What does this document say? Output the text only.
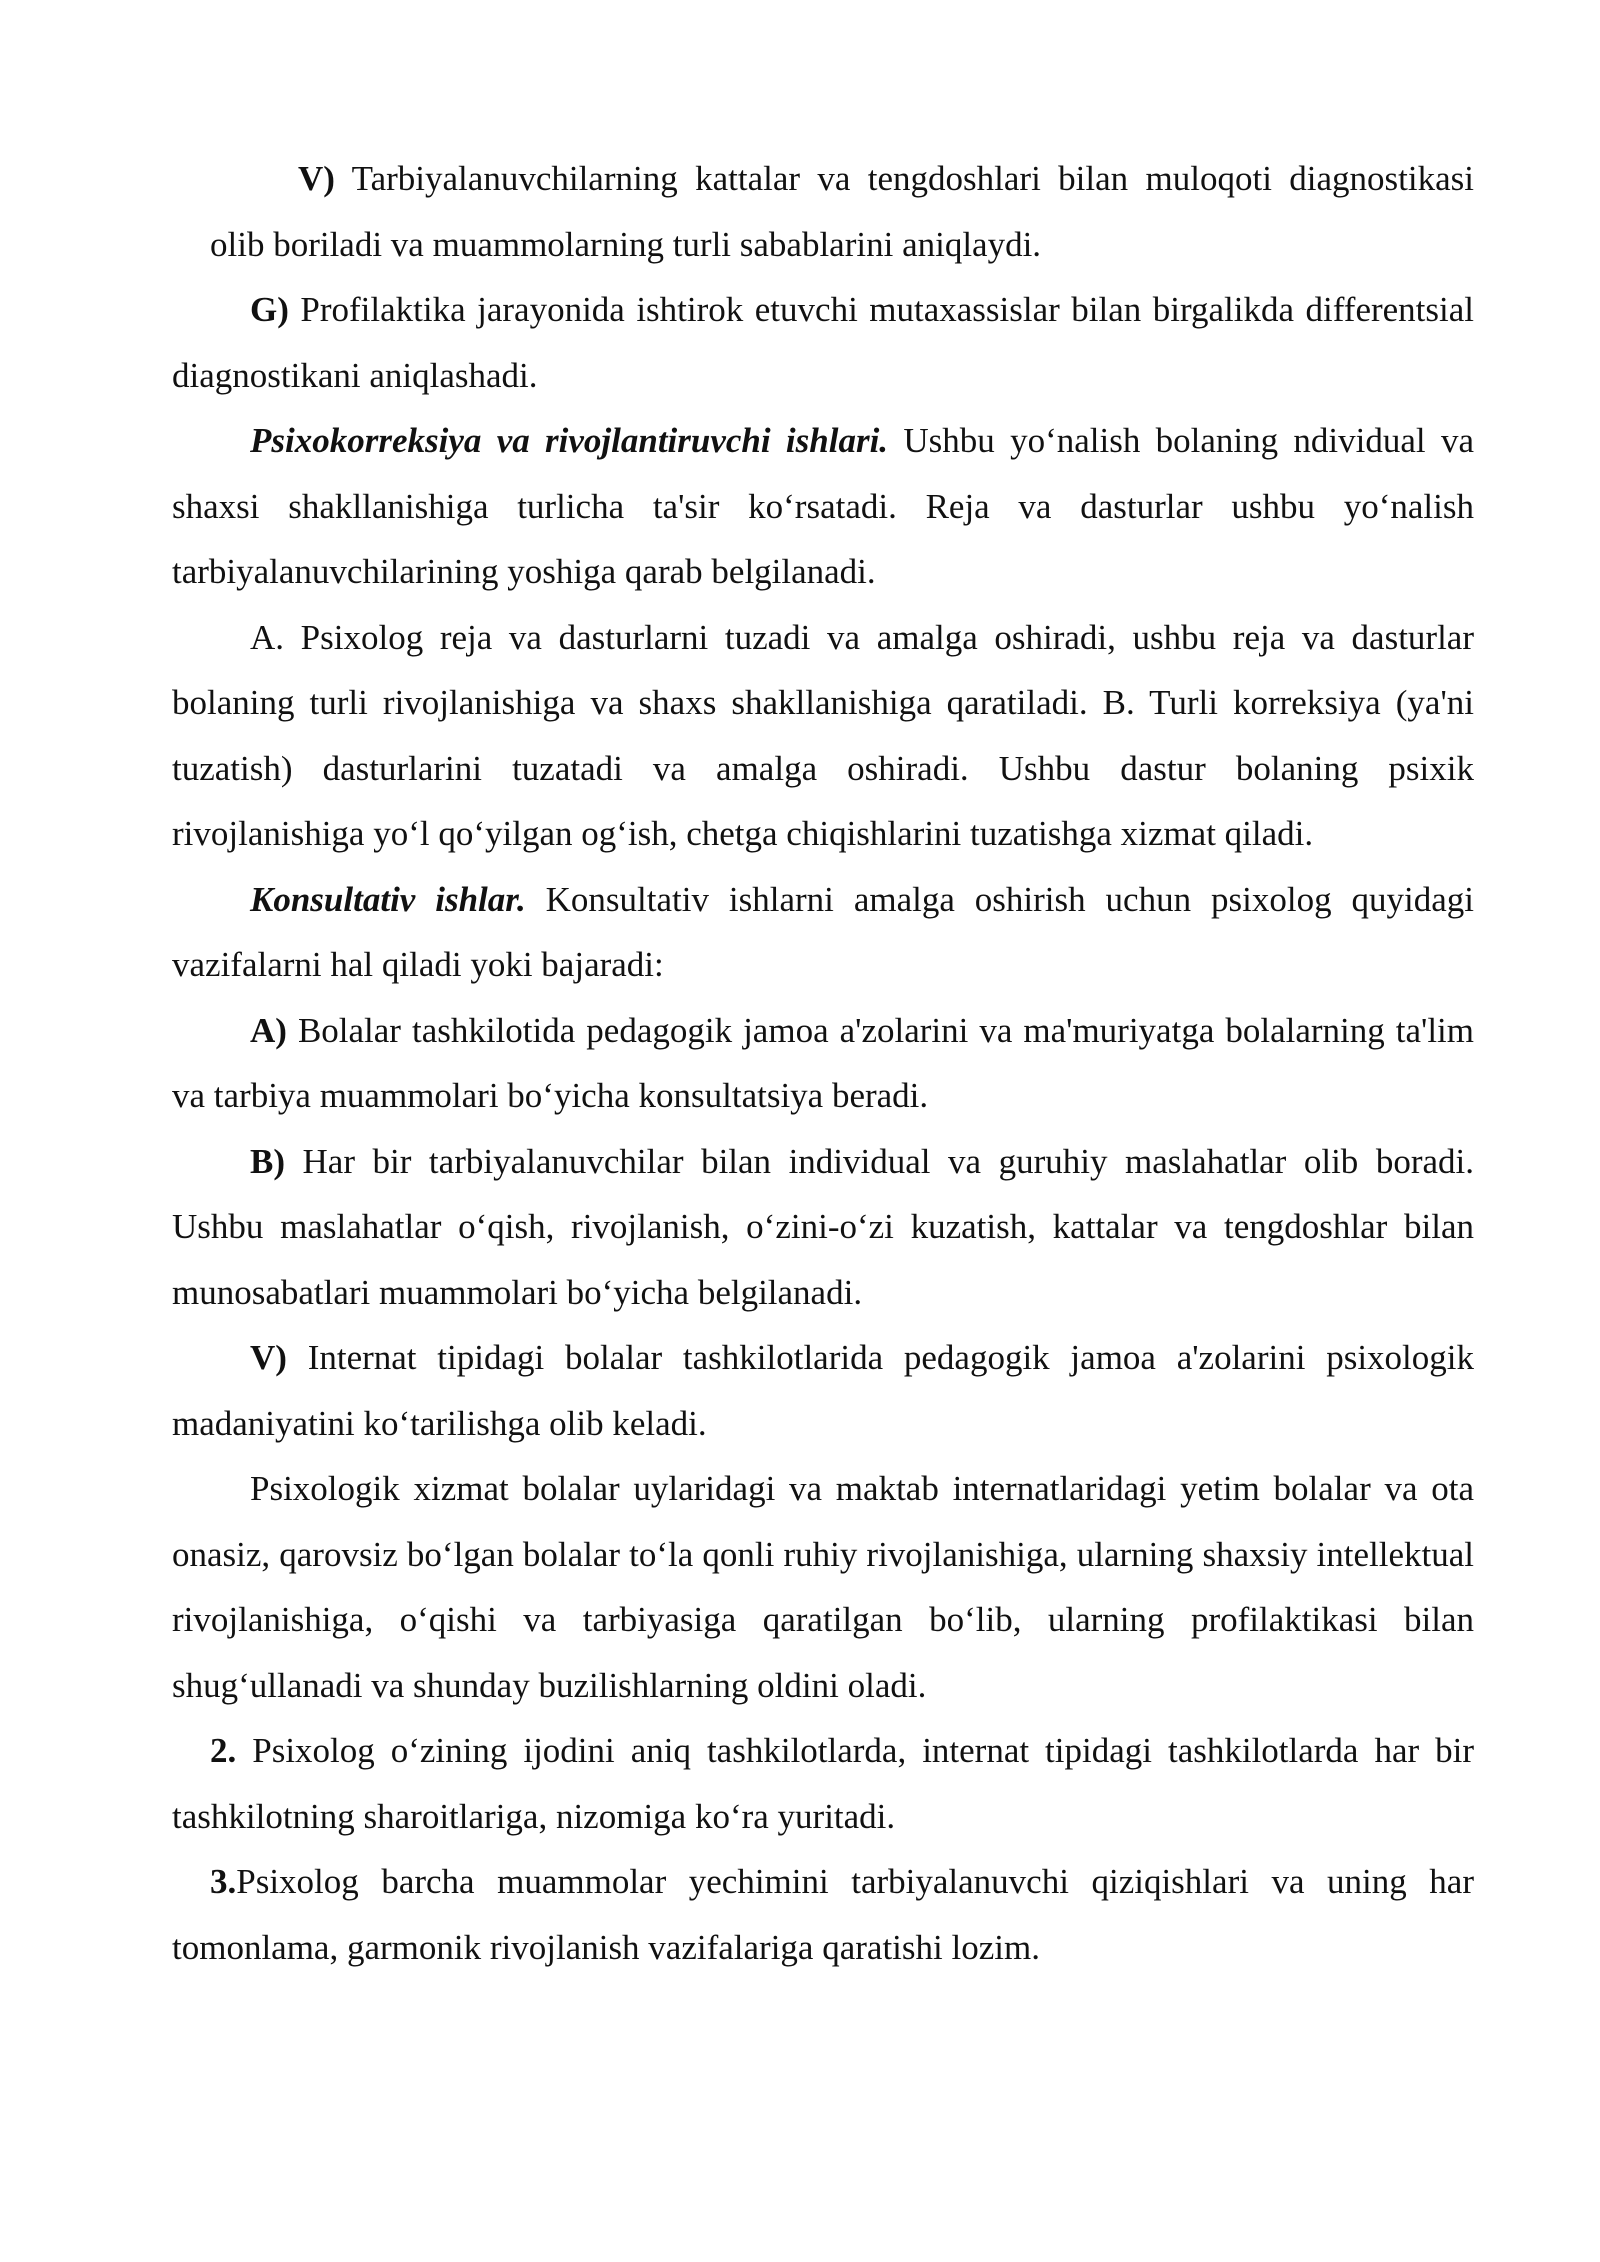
V) Tarbiyalanuvchilarning kattalar va tengdoshlari bilan muloqoti diagnostikasi olib boriladi va muammolarning turli sabablarini aniqlaydi.

G) Profilaktika jarayonida ishtirok etuvchi mutaxassislar bilan birgalikda differentsial diagnostikani aniqlashadi.

Psixokorreksiya va rivojlantiruvchi ishlari. Ushbu yo‘nalish bolaning ndividual va shaxsi shakllanishiga turlicha ta'sir ko‘rsatadi. Reja va dasturlar ushbu yo‘nalish tarbiyalanuvchilarining yoshiga qarab belgilanadi.

A. Psixolog reja va dasturlarni tuzadi va amalga oshiradi, ushbu reja va dasturlar bolaning turli rivojlanishiga va shaxs shakllanishiga qaratiladi. B. Turli korreksiya (ya'ni tuzatish) dasturlarini tuzatadi va amalga oshiradi. Ushbu dastur bolaning psixik rivojlanishiga yo‘l qo‘yilgan og‘ish, chetga chiqishlarini tuzatishga xizmat qiladi.

Konsultativ ishlar. Konsultativ ishlarni amalga oshirish uchun psixolog quyidagi vazifalarni hal qiladi yoki bajaradi:

A) Bolalar tashkilotida pedagogik jamoa a'zolarini va ma'muriyatga bolalarning ta'lim va tarbiya muammolari bo‘yicha konsultatsiya beradi.

B) Har bir tarbiyalanuvchilar bilan individual va guruhiy maslahatlar olib boradi. Ushbu maslahatlar o‘qish, rivojlanish, o‘zini-o‘zi kuzatish, kattalar va tengdoshlar bilan munosabatlari muammolari bo‘yicha belgilanadi.

V) Internat tipidagi bolalar tashkilotlarida pedagogik jamoa a'zolarini psixologik madaniyatini ko‘tarilishga olib keladi.

Psixologik xizmat bolalar uylaridagi va maktab internatlaridagi yetim bolalar va ota onasiz, qarovsiz bo‘lgan bolalar to‘la qonli ruhiy rivojlanishiga, ularning shaxsiy intellektual rivojlanishiga, o‘qishi va tarbiyasiga qaratilgan bo‘lib, ularning profilaktikasi bilan shug‘ullanadi va shunday buzilishlarning oldini oladi.

2. Psixolog o‘zining ijodini aniq tashkilotlarda, internat tipidagi tashkilotlarda har bir tashkilotning sharoitlariga, nizomiga ko‘ra yuritadi.

3.Psixolog barcha muammolar yechimini tarbiyalanuvchi qiziqishlari va uning har tomonlama, garmonik rivojlanish vazifalariga qaratishi lozim.
